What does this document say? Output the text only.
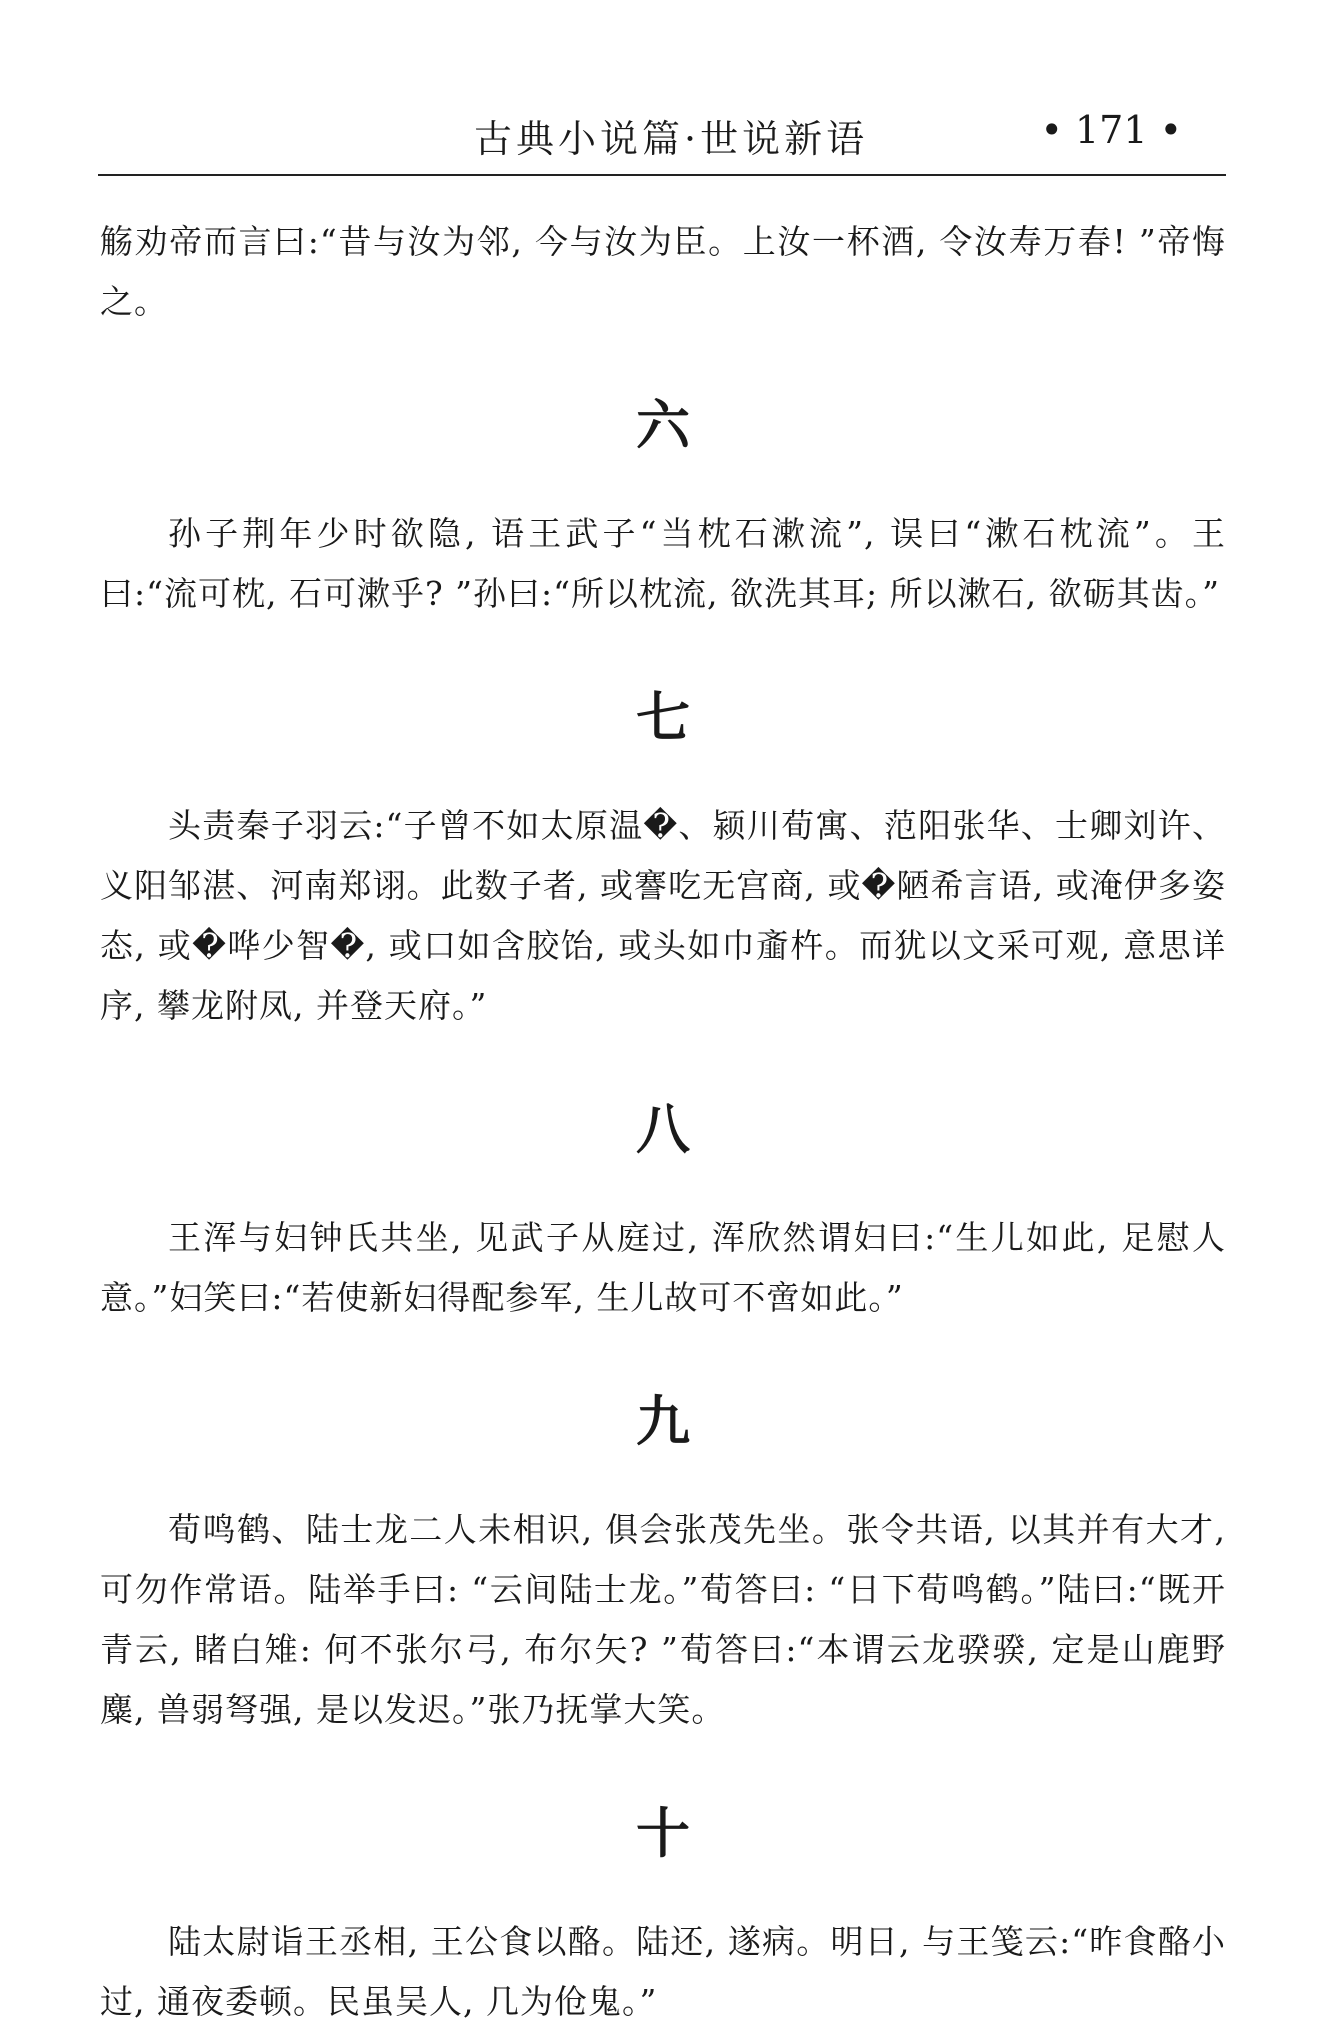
古典小说篇·世说新语	• 171 •

觞劝帝而言曰:“昔与汝为邻, 今与汝为臣。上汝一杯酒, 令汝寿万春! ”帝悔之。

六

孙子荆年少时欲隐, 语王武子“当枕石漱流”, 误曰“漱石枕流”。王曰:“流可枕, 石可漱乎? ”孙曰:“所以枕流, 欲洗其耳; 所以漱石, 欲砺其齿。”

七

头责秦子羽云:“子曾不如太原温�、颍川荀寓、范阳张华、士卿刘许、义阳邹湛、河南郑诩。此数子者, 或謇吃无宫商, 或�陋希言语, 或淹伊多姿态, 或�哗少智�, 或口如含胶饴, 或头如巾齑杵。而犹以文采可观, 意思详序, 攀龙附凤, 并登天府。”

八

王浑与妇钟氏共坐, 见武子从庭过, 浑欣然谓妇曰:“生儿如此, 足慰人意。”妇笑曰:“若使新妇得配参军, 生儿故可不啻如此。”

九

荀鸣鹤、陆士龙二人未相识, 俱会张茂先坐。张令共语, 以其并有大才, 可勿作常语。陆举手曰: “云间陆士龙。”荀答曰: “日下荀鸣鹤。”陆曰:“既开青云, 睹白雉: 何不张尔弓, 布尔矢? ”荀答曰:“本谓云龙骙骙, 定是山鹿野麋, 兽弱弩强, 是以发迟。”张乃抚掌大笑。

十

陆太尉诣王丞相, 王公食以酪。陆还, 遂病。明日, 与王笺云:“昨食酪小过, 通夜委顿。民虽吴人, 几为伧鬼。”
